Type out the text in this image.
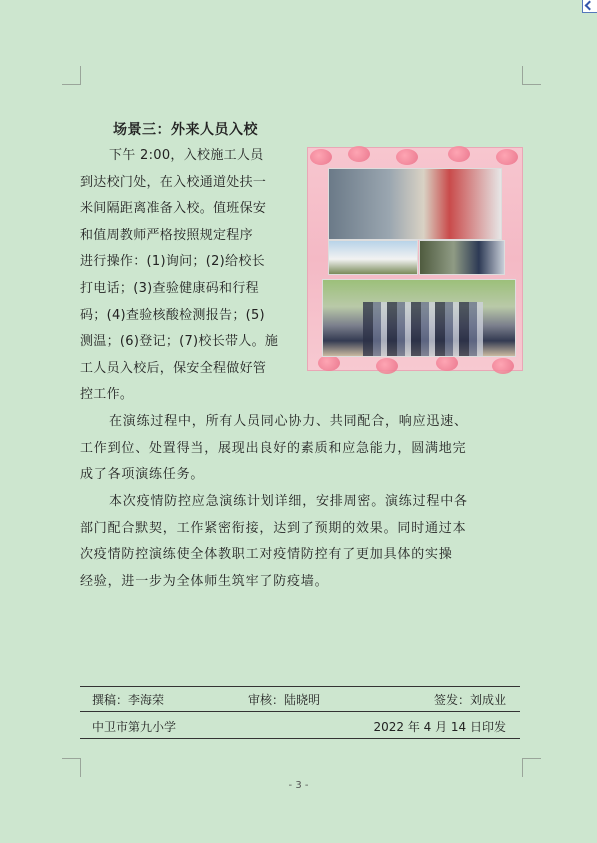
场景三：外来人员入校
下午 2:00，入校施工人员
到达校门处，在入校通道处扶一
米间隔距离准备入校。值班保安
和值周教师严格按照规定程序
进行操作：(1)询问；(2)给校长
打电话；(3)查验健康码和行程
码；(4)查验核酸检测报告；(5)
测温；(6)登记；(7)校长带人。施
工人员入校后，保安全程做好管
控工作。
在演练过程中，所有人员同心协力、共同配合，响应迅速、
工作到位、处置得当，展现出良好的素质和应急能力，圆满地完
成了各项演练任务。
本次疫情防控应急演练计划详细，安排周密。演练过程中各
部门配合默契，工作紧密衔接，达到了预期的效果。同时通过本
次疫情防控演练使全体教职工对疫情防控有了更加具体的实操
经验，进一步为全体师生筑牢了防疫墙。
撰稿：李海荣	审核：陆晓明	签发：刘成业
中卫市第九小学	2022 年 4 月 14 日印发
- 3 -
